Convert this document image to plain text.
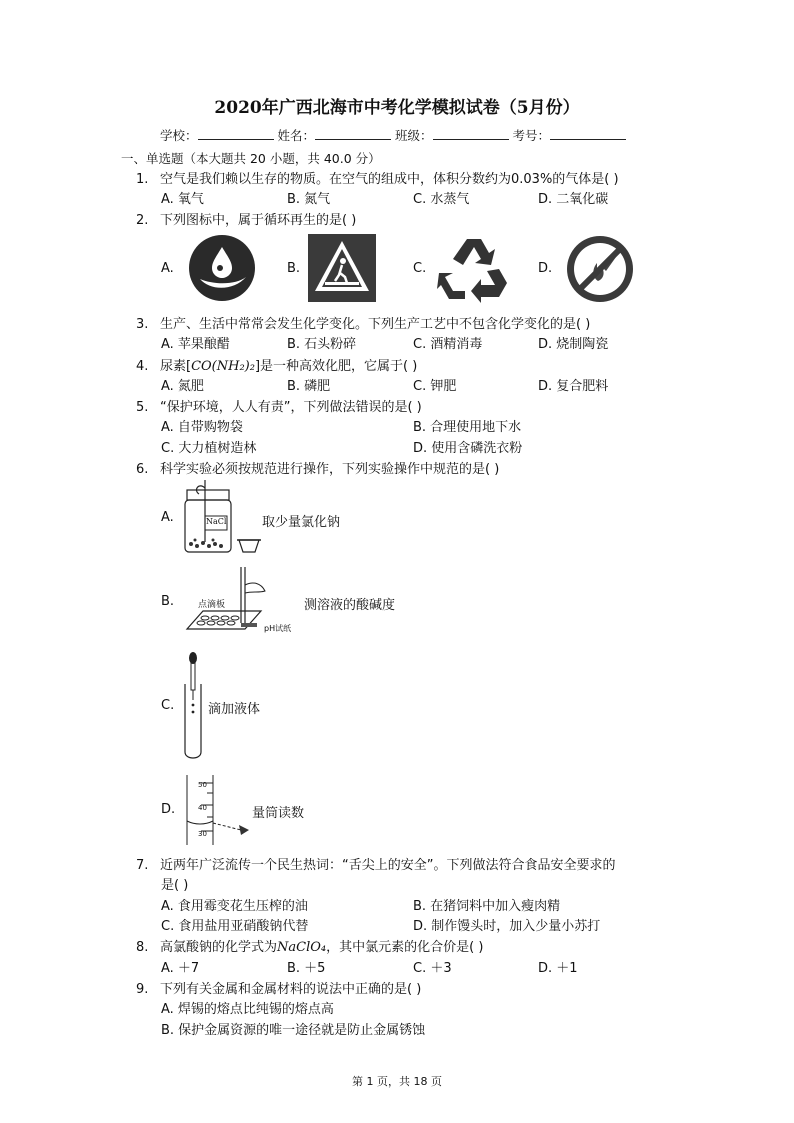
2020年广西北海市中考化学模拟试卷（5月份）
学校：	姓名：	班级：	考号：
一、单选题（本大题共 20 小题，共 40.0 分）
1. 空气是我们赖以生存的物质。在空气的组成中，体积分数约为0.03%的气体是( )
A. 氧气	B. 氮气	C. 水蒸气	D. 二氧化碳
2. 下列图标中，属于循环再生的是( )
A.	B.	C.	D.
3. 生产、生活中常常会发生化学变化。下列生产工艺中不包含化学变化的是( )
A. 苹果酿醋	B. 石头粉碎	C. 酒精消毒	D. 烧制陶瓷
4. 尿素[CO(NH₂)₂]是一种高效化肥，它属于( )
A. 氮肥	B. 磷肥	C. 钾肥	D. 复合肥料
5. “保护环境，人人有责”，下列做法错误的是( )
A. 自带购物袋	B. 合理使用地下水
C. 大力植树造林	D. 使用含磷洗衣粉
6. 科学实验必须按规范进行操作，下列实验操作中规范的是( )
A.	NaCl	取少量氯化钠
B.	点滴板
pH试纸
测溶液的酸碱度
C.	滴加液体
D.
50
40
30
量筒读数
7. 近两年广泛流传一个民生热词：“舌尖上的安全”。下列做法符合食品安全要求的
是( )
A. 食用霉变花生压榨的油	B. 在猪饲料中加入瘦肉精
C. 食用盐用亚硝酸钠代替	D. 制作馒头时，加入少量小苏打
8. 高氯酸钠的化学式为NaClO₄，其中氯元素的化合价是( )
A. ＋7	B. ＋5	C. ＋3	D. ＋1
9. 下列有关金属和金属材料的说法中正确的是( )
A. 焊锡的熔点比纯锡的熔点高
B. 保护金属资源的唯一途径就是防止金属锈蚀
第 1 页，共 18 页
